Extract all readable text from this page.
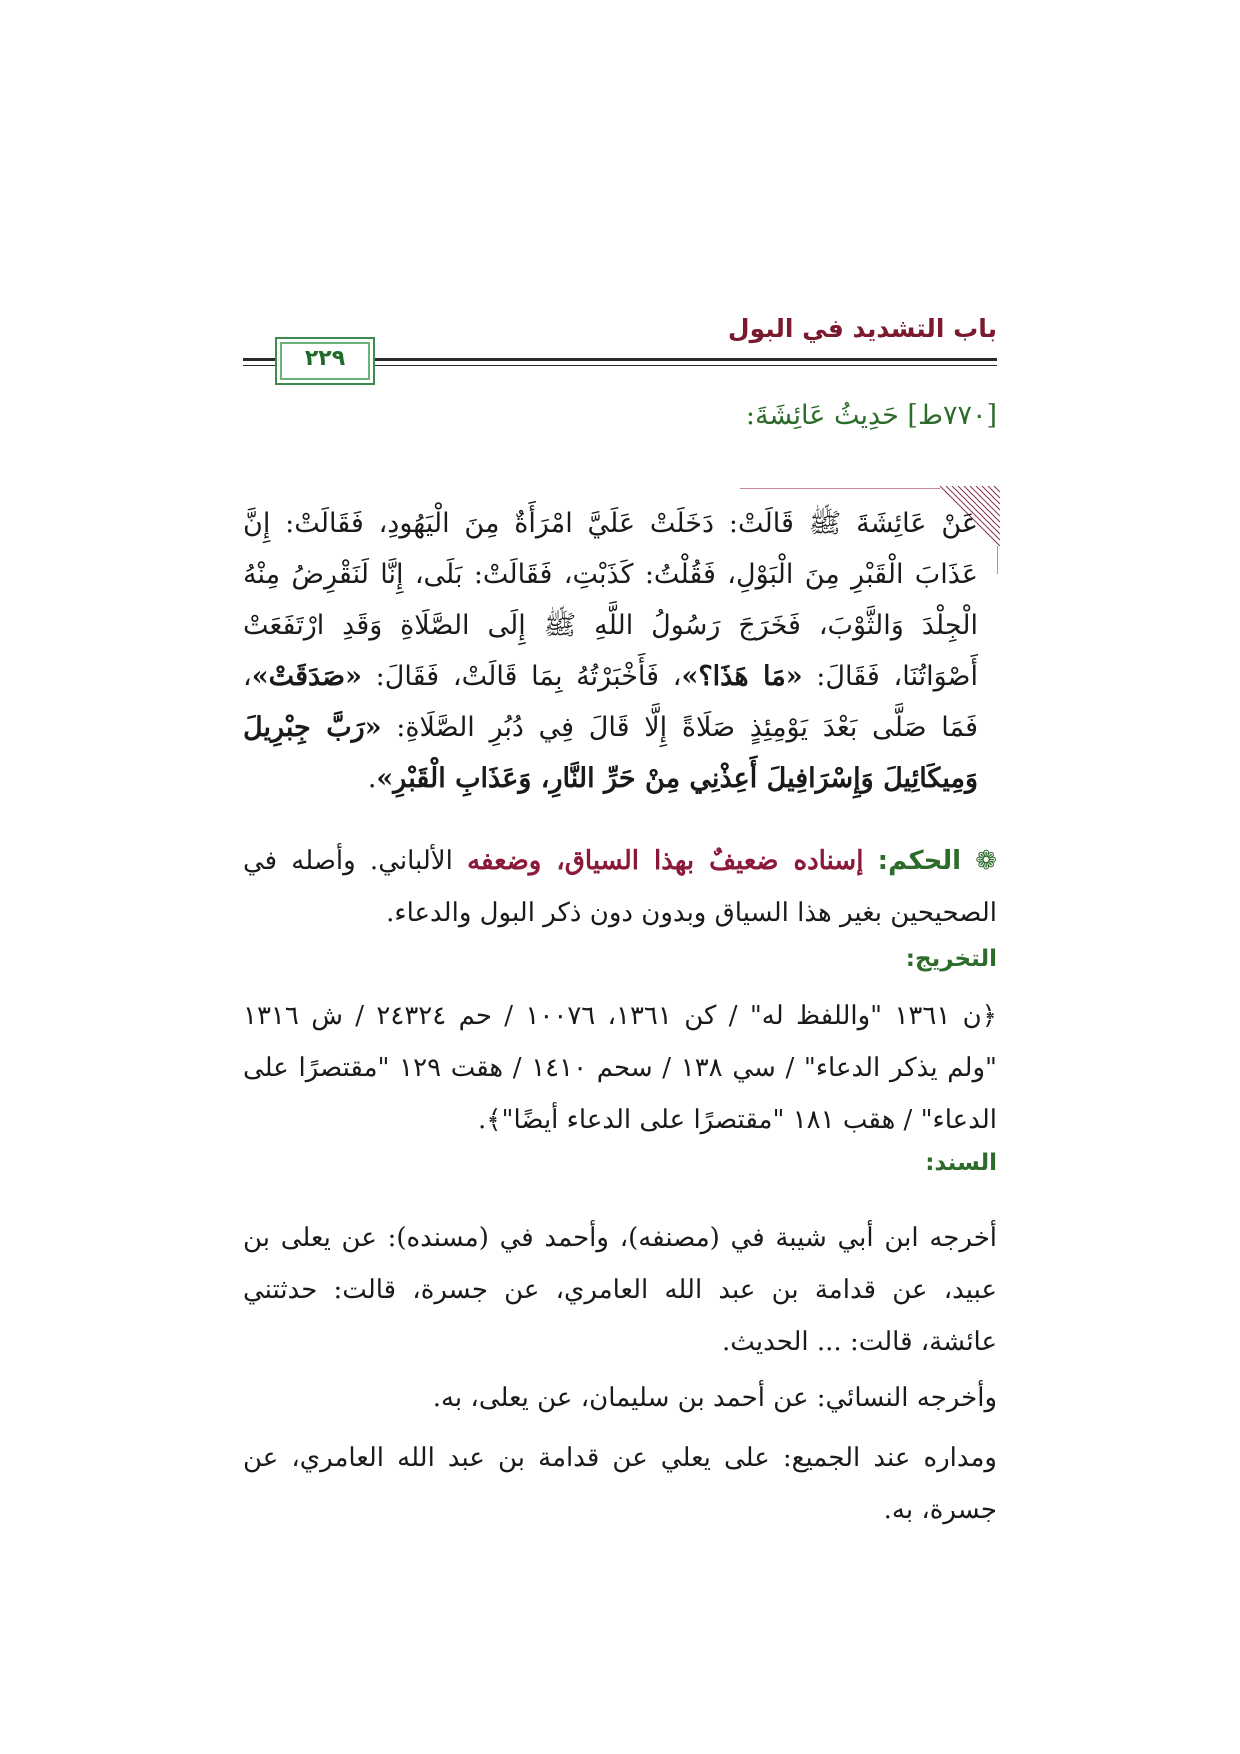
باب التشديد في البول
٢٢٩
[٧٧٠ط] حَدِيثُ عَائِشَةَ:
عَنْ عَائِشَةَ ﷺ قَالَتْ: دَخَلَتْ عَلَيَّ امْرَأَةٌ مِنَ الْيَهُودِ، فَقَالَتْ: إِنَّ عَذَابَ الْقَبْرِ مِنَ الْبَوْلِ، فَقُلْتُ: كَذَبْتِ، فَقَالَتْ: بَلَى، إِنَّا لَنَقْرِضُ مِنْهُ الْجِلْدَ وَالثَّوْبَ، فَخَرَجَ رَسُولُ اللَّهِ ﷺ إِلَى الصَّلَاةِ وَقَدِ ارْتَفَعَتْ أَصْوَاتُنَا، فَقَالَ: «مَا هَذَا؟»، فَأَخْبَرْتُهُ بِمَا قَالَتْ، فَقَالَ: «صَدَقَتْ»، فَمَا صَلَّى بَعْدَ يَوْمِئِذٍ صَلَاةً إِلَّا قَالَ فِي دُبُرِ الصَّلَاةِ: «رَبَّ جِبْرِيلَ وَمِيكَائِيلَ وَإِسْرَافِيلَ أَعِذْنِي مِنْ حَرِّ النَّارِ، وَعَذَابِ الْقَبْرِ».
❁ الحكم: إسناده ضعيفٌ بهذا السياق، وضعفه الألباني. وأصله في الصحيحين بغير هذا السياق وبدون دون ذكر البول والدعاء.
التخريج:
﴿ن ١٣٦١ "واللفظ له" / كن ١٣٦١، ١٠٠٧٦ / حم ٢٤٣٢٤ / ش ١٣١٦ "ولم يذكر الدعاء" / سي ١٣٨ / سحم ١٤١٠ / هقت ١٢٩ "مقتصرًا على الدعاء" / هقب ١٨١ "مقتصرًا على الدعاء أيضًا"﴾.
السند:
أخرجه ابن أبي شيبة في (مصنفه)، وأحمد في (مسنده): عن يعلى بن عبيد، عن قدامة بن عبد الله العامري، عن جسرة، قالت: حدثتني عائشة، قالت: ... الحديث.
وأخرجه النسائي: عن أحمد بن سليمان، عن يعلى، به.
ومداره عند الجميع: على يعلي عن قدامة بن عبد الله العامري، عن جسرة، به.
